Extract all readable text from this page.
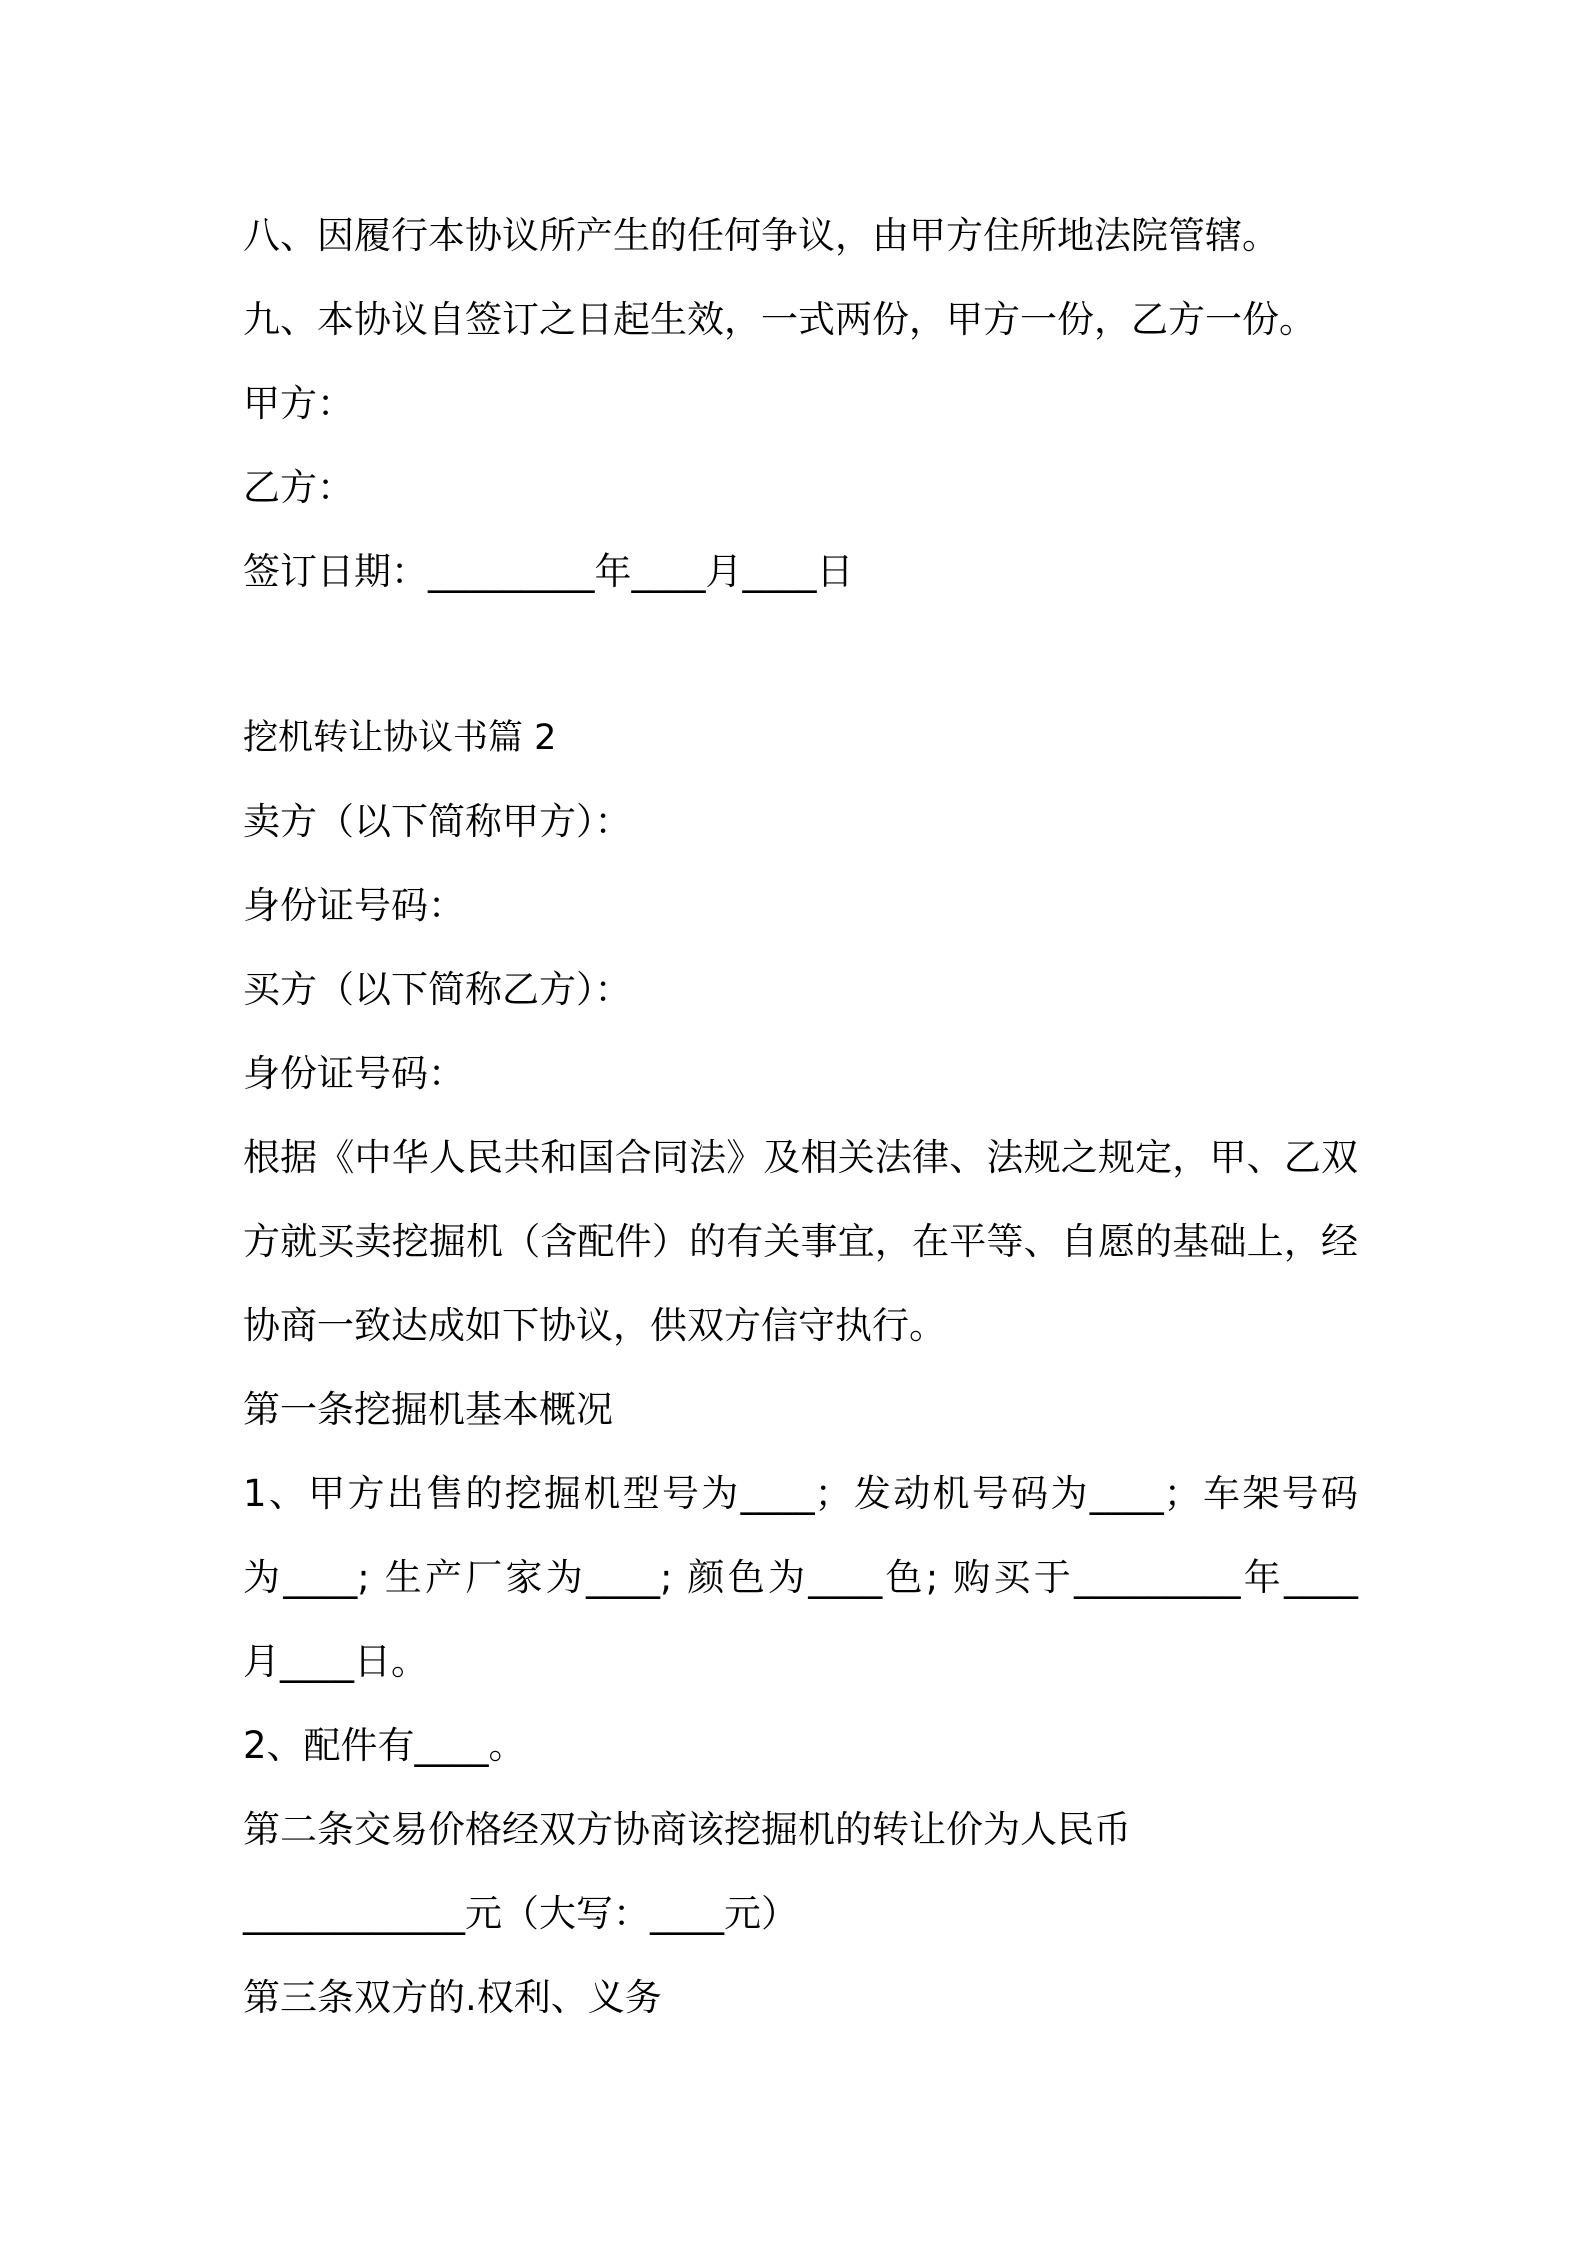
八、因履行本协议所产生的任何争议，由甲方住所地法院管辖。

九、本协议自签订之日起生效，一式两份，甲方一份，乙方一份。

甲方：

乙方：

签订日期：_________年____月____日

挖机转让协议书篇 2

卖方（以下简称甲方）：

身份证号码：

买方（以下简称乙方）：

身份证号码：

根据《中华人民共和国合同法》及相关法律、法规之规定，甲、乙双

方就买卖挖掘机（含配件）的有关事宜，在平等、自愿的基础上，经

协商一致达成如下协议，供双方信守执行。

第一条挖掘机基本概况

1、甲方出售的挖掘机型号为____；发动机号码为____；车架号码

为____; 生产厂家为____; 颜色为____色; 购买于_________年____

月____日。

2、配件有____。

第二条交易价格经双方协商该挖掘机的转让价为人民币

____________元（大写：____元）

第三条双方的.权利、义务
